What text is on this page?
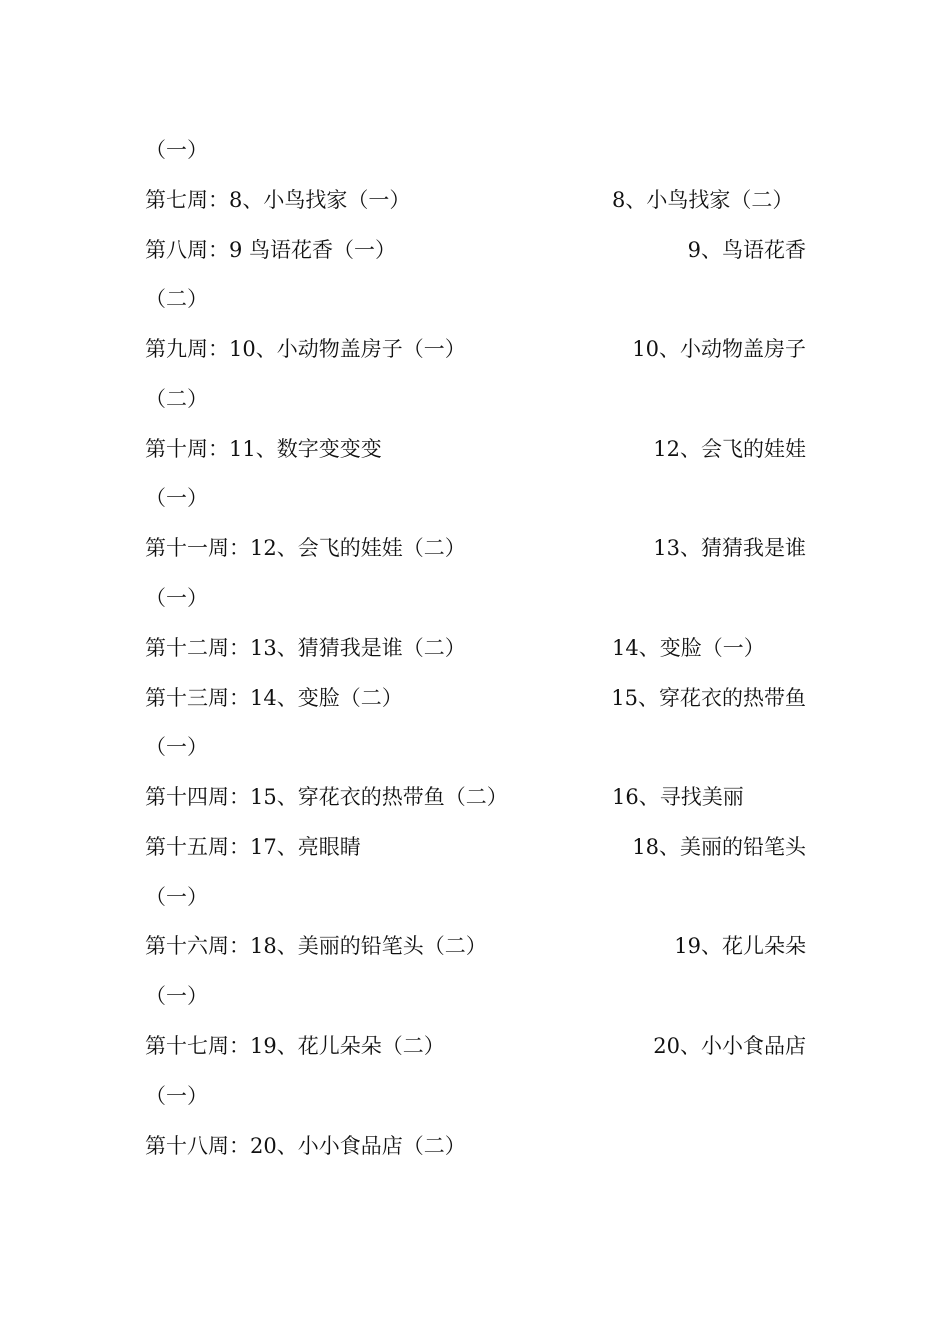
（一）
第七周：8、小鸟找家（一）	8、小鸟找家（二）
第八周：9 鸟语花香（一）	9、鸟语花香
（二）
第九周：10、小动物盖房子（一）	10、小动物盖房子
（二）
第十周：11、数字变变变	12、会飞的娃娃
（一）
第十一周：12、会飞的娃娃（二）	13、猜猜我是谁
（一）
第十二周：13、猜猜我是谁（二）	14、变脸（一）
第十三周：14、变脸（二）	15、穿花衣的热带鱼
（一）
第十四周：15、穿花衣的热带鱼（二）	16、寻找美丽
第十五周：17、亮眼睛	18、美丽的铅笔头
（一）
第十六周：18、美丽的铅笔头（二）	19、花儿朵朵
（一）
第十七周：19、花儿朵朵（二）	20、小小食品店
（一）
第十八周：20、小小食品店（二）
